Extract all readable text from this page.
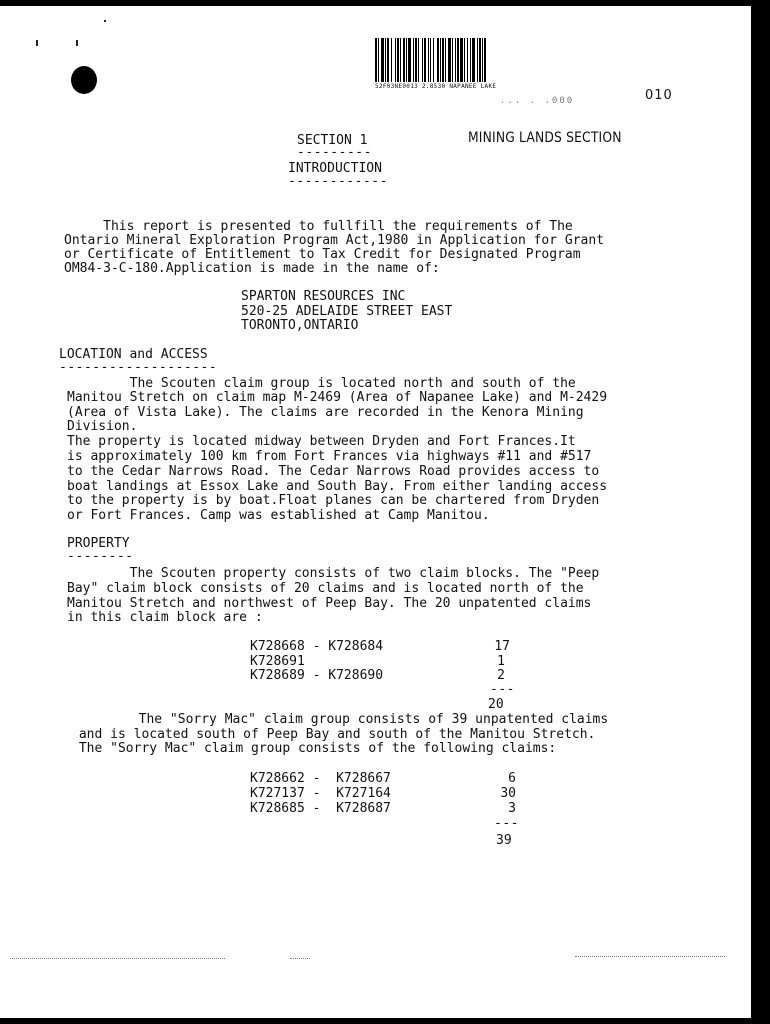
52F03NE0013 2.8530 NAPANEE LAKE
... . .000	010
MINING LANDS SECTION
SECTION 1
---------
INTRODUCTION
------------
This report is presented to fullfill the requirements of The
Ontario Mineral Exploration Program Act,1980 in Application for Grant
or Certificate of Entitlement to Tax Credit for Designated Program
OM84-3-C-180.Application is made in the name of:
SPARTON RESOURCES INC
520-25 ADELAIDE STREET EAST
TORONTO,ONTARIO
LOCATION and ACCESS
-------------------
The Scouten claim group is located north and south of the
Manitou Stretch on claim map M-2469 (Area of Napanee Lake) and M-2429
(Area of Vista Lake). The claims are recorded in the Kenora Mining
Division.
The property is located midway between Dryden and Fort Frances.It
is approximately 100 km from Fort Frances via highways #11 and #517
to the Cedar Narrows Road. The Cedar Narrows Road provides access to
boat landings at Essox Lake and South Bay. From either landing access
to the property is by boat.Float planes can be chartered from Dryden
or Fort Frances. Camp was established at Camp Manitou.
PROPERTY
--------
The Scouten property consists of two claim blocks. The "Peep
Bay" claim block consists of 20 claims and is located north of the
Manitou Stretch and northwest of Peep Bay. The 20 unpatented claims
in this claim block are :
K728668 - K728684	17
K728691	1
K728689 - K728690	2
---
20
The "Sorry Mac" claim group consists of 39 unpatented claims
and is located south of Peep Bay and south of the Manitou Stretch.
The "Sorry Mac" claim group consists of the following claims:
K728662 -  K728667	6
K727137 -  K727164	30
K728685 -  K728687	3
---
39
